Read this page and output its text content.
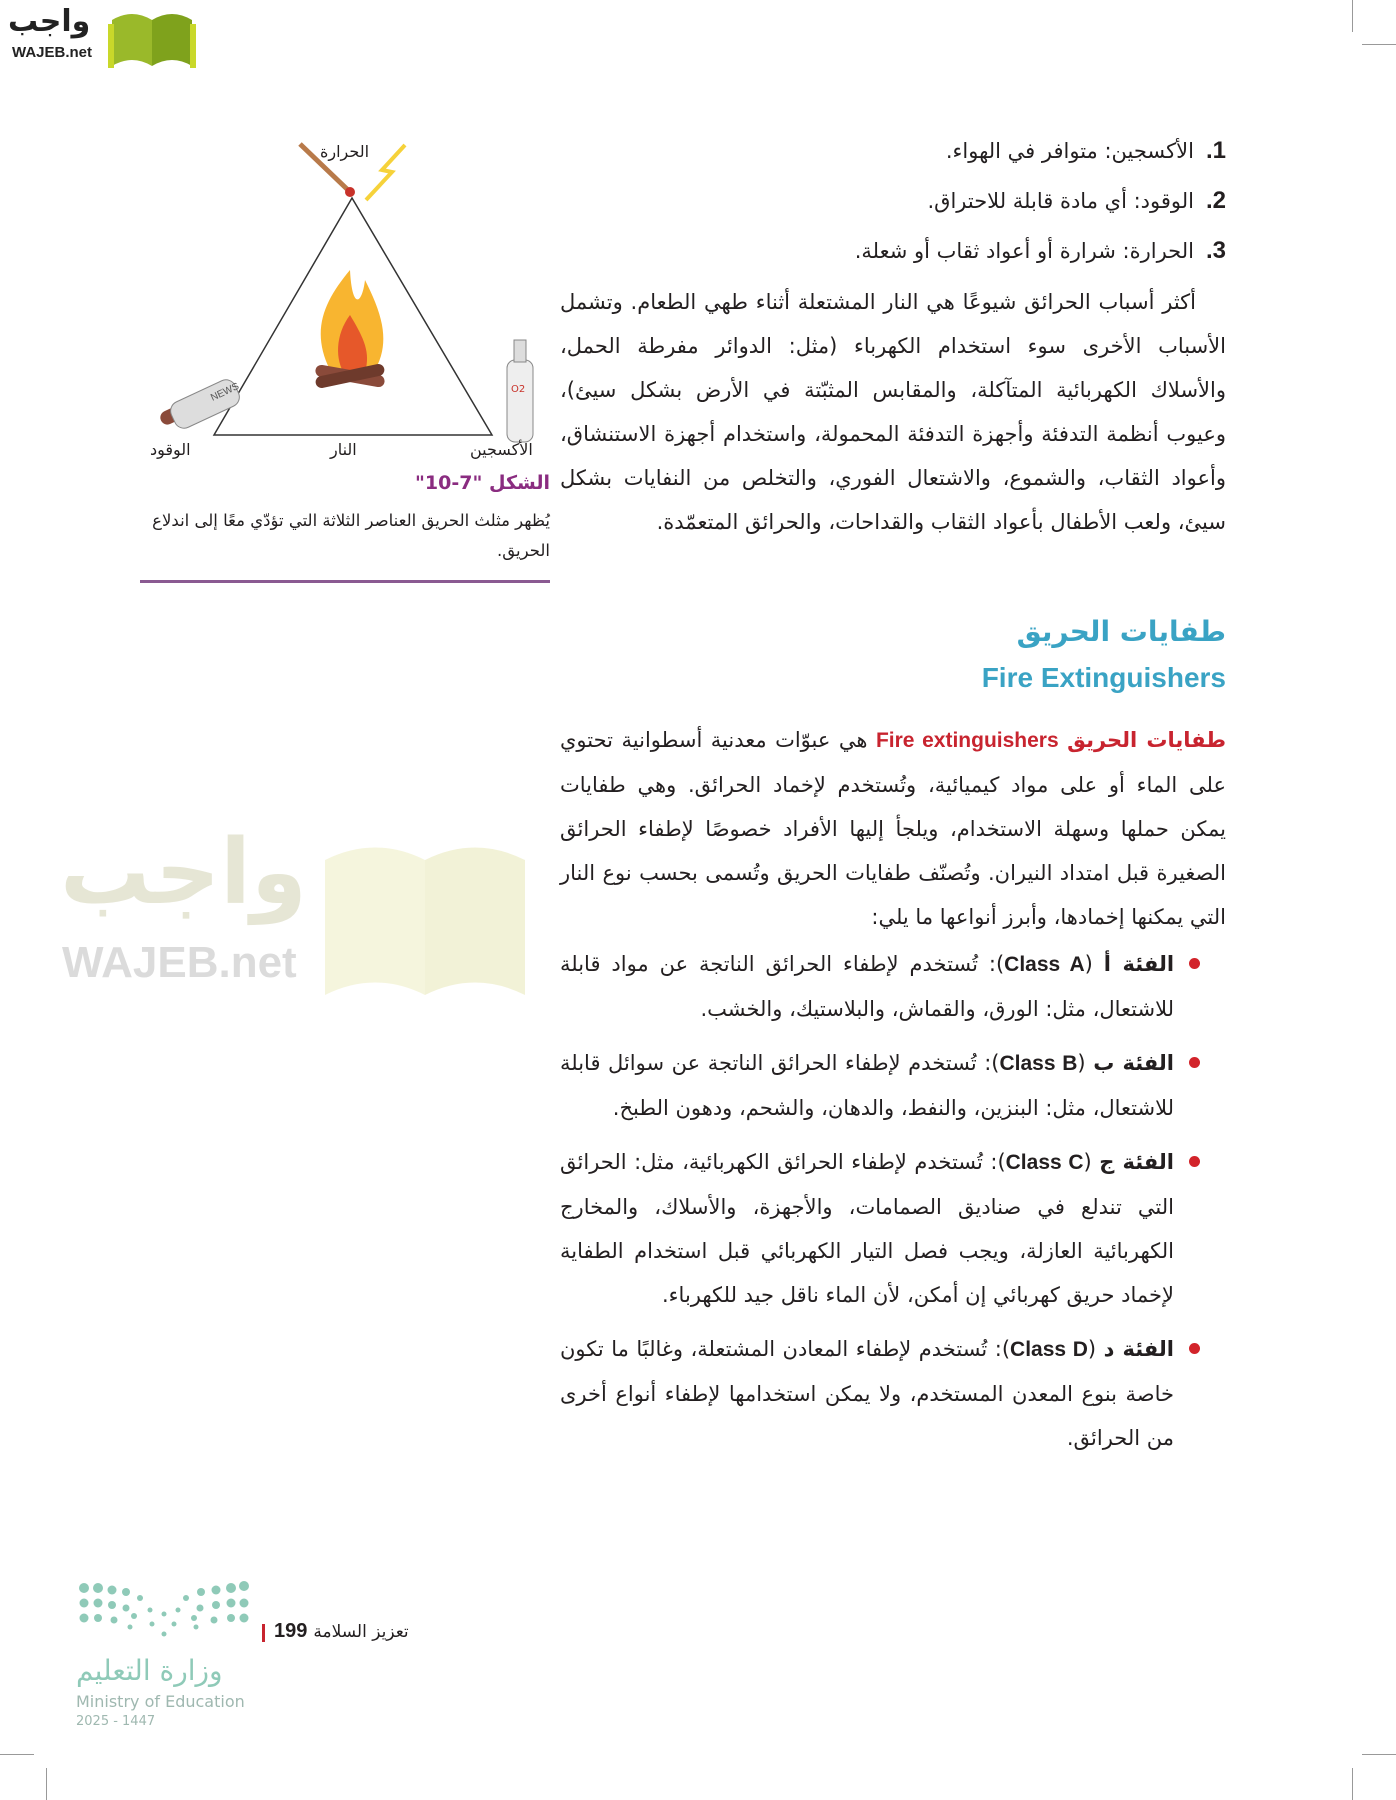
واجب
WAJEB.net
1.
الأكسجين: متوافر في الهواء.
2.
الوقود: أي مادة قابلة للاحتراق.
3.
الحرارة: شرارة أو أعواد ثقاب أو شعلة.

أكثر أسباب الحرائق شيوعًا هي النار المشتعلة أثناء طهي الطعام. وتشمل الأسباب الأخرى سوء استخدام الكهرباء (مثل: الدوائر مفرطة الحمل، والأسلاك الكهربائية المتآكلة، والمقابس المثبّتة في الأرض بشكل سيئ)، وعيوب أنظمة التدفئة وأجهزة التدفئة المحمولة، واستخدام أجهزة الاستنشاق، وأعواد الثقاب، والشموع، والاشتعال الفوري، والتخلص من النفايات بشكل سيئ، ولعب الأطفال بأعواد الثقاب والقداحات، والحرائق المتعمّدة.

O2
NEWS
الحرارة
الوقود	النار	الأكسجين
الشكل "7-10"

يُظهر مثلث الحريق العناصر الثلاثة التي تؤدّي معًا إلى اندلاع الحريق.

واجب
WAJEB.net
طفايات الحريق
Fire Extinguishers

طفايات الحريق Fire extinguishers هي عبوّات معدنية أسطوانية تحتوي على الماء أو على مواد كيميائية، وتُستخدم لإخماد الحرائق. وهي طفايات يمكن حملها وسهلة الاستخدام، ويلجأ إليها الأفراد خصوصًا لإطفاء الحرائق الصغيرة قبل امتداد النيران. وتُصنّف طفايات الحريق وتُسمى بحسب نوع النار التي يمكنها إخمادها، وأبرز أنواعها ما يلي:

الفئة أ (Class A): تُستخدم لإطفاء الحرائق الناتجة عن مواد قابلة للاشتعال، مثل: الورق، والقماش، والبلاستيك، والخشب.

الفئة ب (Class B): تُستخدم لإطفاء الحرائق الناتجة عن سوائل قابلة للاشتعال، مثل: البنزين، والنفط، والدهان، والشحم، ودهون الطبخ.

الفئة ج (Class C): تُستخدم لإطفاء الحرائق الكهربائية، مثل: الحرائق التي تندلع في صناديق الصمامات، والأجهزة، والأسلاك، والمخارج الكهربائية العازلة، ويجب فصل التيار الكهربائي قبل استخدام الطفاية لإخماد حريق كهربائي إن أمكن، لأن الماء ناقل جيد للكهرباء.

الفئة د (Class D): تُستخدم لإطفاء المعادن المشتعلة، وغالبًا ما تكون خاصة بنوع المعدن المستخدم، ولا يمكن استخدامها لإطفاء أنواع أخرى من الحرائق.

وزارة التعليم
Ministry of Education
2025 - 1447
199 تعزيز السلامة
